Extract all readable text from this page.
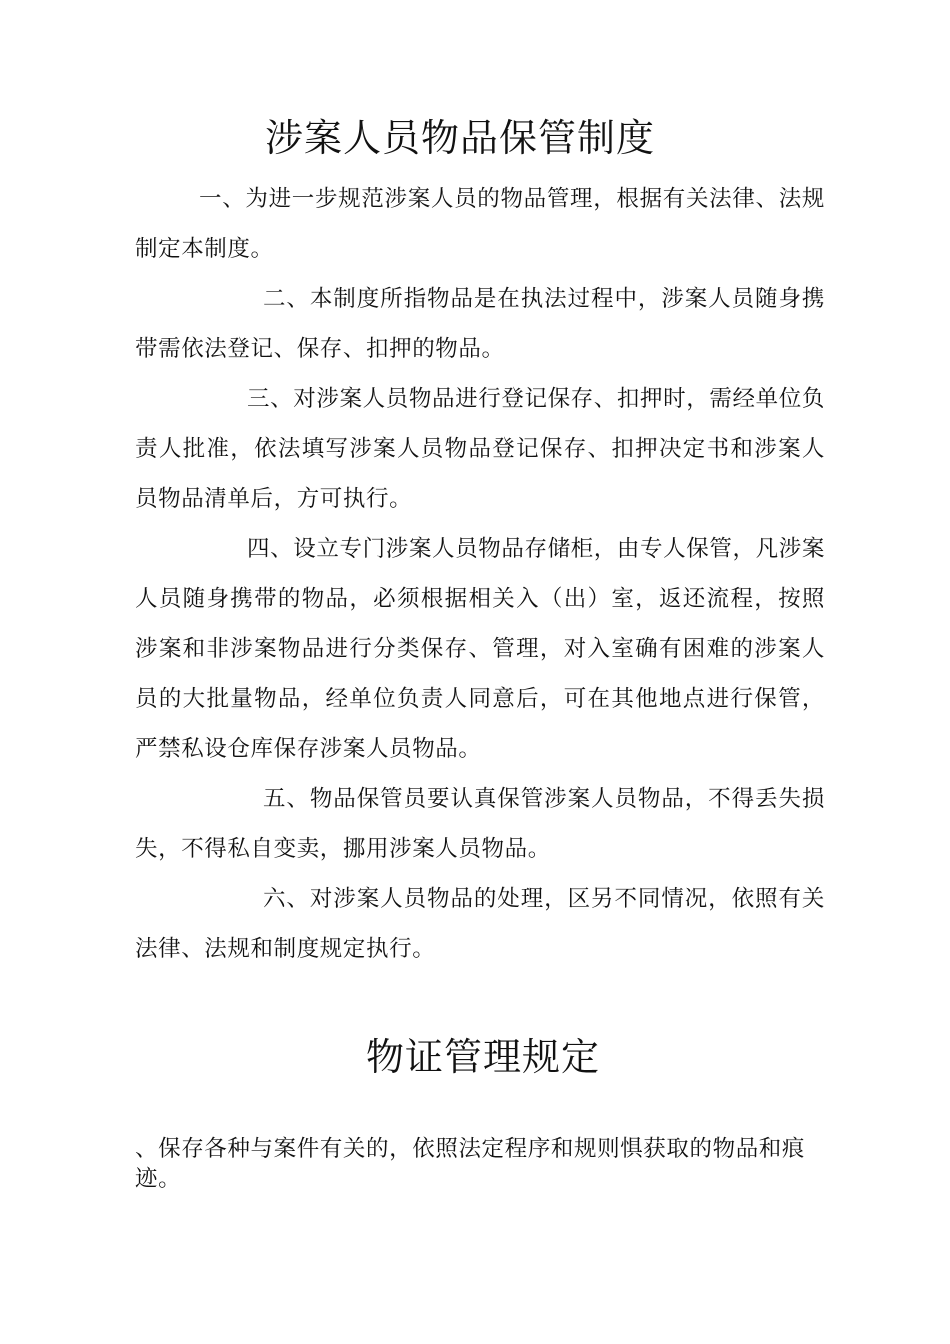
涉案人员物品保管制度

一、为进一步规范涉案人员的物品管理，根据有关法律、法规制定本制度。

二、本制度所指物品是在执法过程中，涉案人员随身携带需依法登记、保存、扣押的物品。

三、对涉案人员物品进行登记保存、扣押时，需经单位负责人批准，依法填写涉案人员物品登记保存、扣押决定书和涉案人员物品清单后，方可执行。

四、设立专门涉案人员物品存储柜，由专人保管，凡涉案人员随身携带的物品，必须根据相关入（出）室，返还流程，按照涉案和非涉案物品进行分类保存、管理，对入室确有困难的涉案人员的大批量物品，经单位负责人同意后，可在其他地点进行保管，严禁私设仓库保存涉案人员物品。

五、物品保管员要认真保管涉案人员物品，不得丢失损失，不得私自变卖，挪用涉案人员物品。

六、对涉案人员物品的处理，区另不同情况，依照有关法律、法规和制度规定执行。

物证管理规定

、保存各种与案件有关的，依照法定程序和规则惧获取的物品和痕迹。
